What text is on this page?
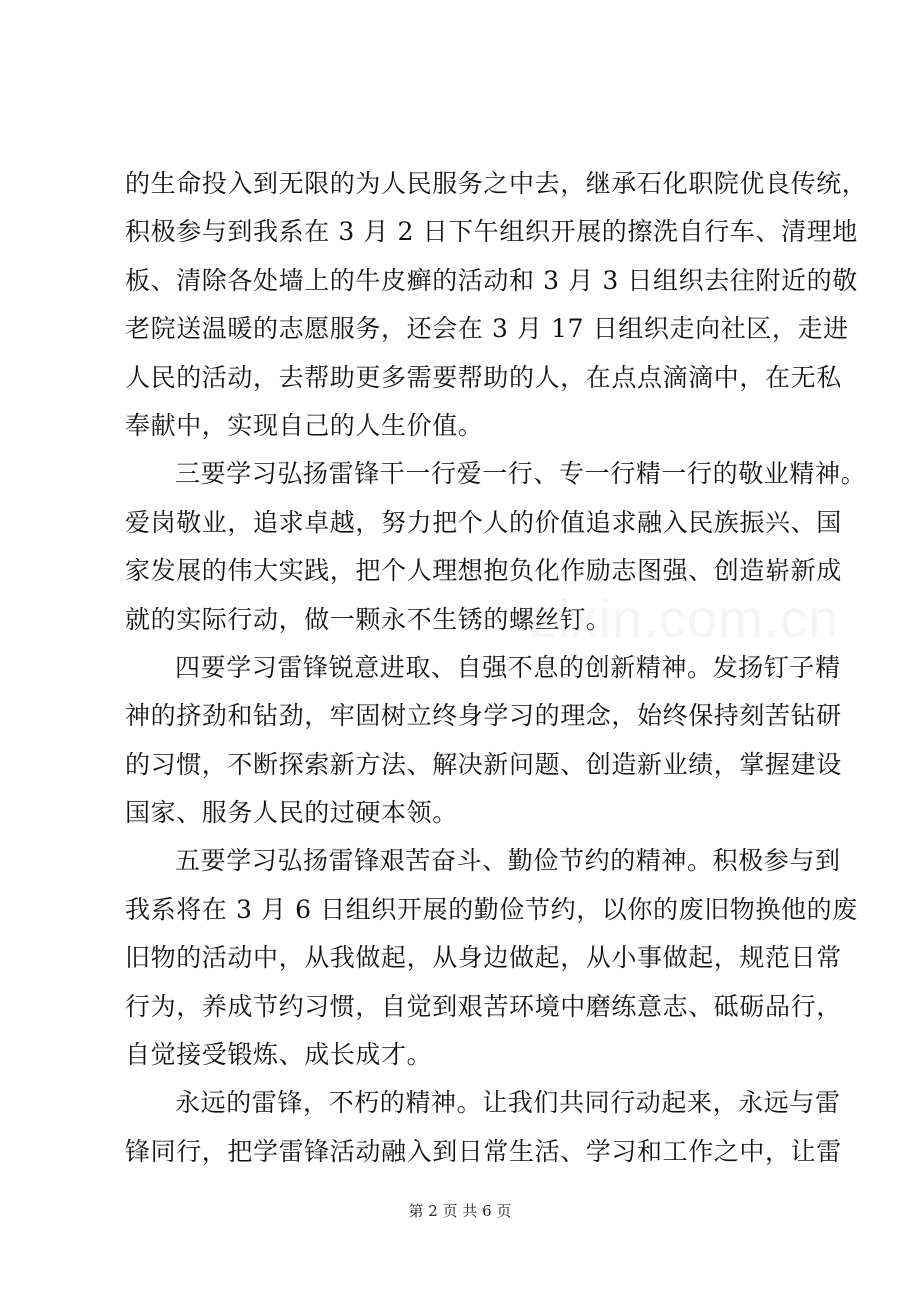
zixin.com.cn
的生命投入到无限的为人民服务之中去，继承石化职院优良传统，
积极参与到我系在 3 月 2 日下午组织开展的擦洗自行车、清理地
板、清除各处墙上的牛皮癣的活动和 3 月 3 日组织去往附近的敬
老院送温暖的志愿服务，还会在 3 月 17 日组织走向社区，走进
人民的活动，去帮助更多需要帮助的人，在点点滴滴中，在无私
奉献中，实现自己的人生价值。
三要学习弘扬雷锋干一行爱一行、专一行精一行的敬业精神。
爱岗敬业，追求卓越，努力把个人的价值追求融入民族振兴、国
家发展的伟大实践，把个人理想抱负化作励志图强、创造崭新成
就的实际行动，做一颗永不生锈的螺丝钉。
四要学习雷锋锐意进取、自强不息的创新精神。发扬钉子精
神的挤劲和钻劲，牢固树立终身学习的理念，始终保持刻苦钻研
的习惯，不断探索新方法、解决新问题、创造新业绩，掌握建设
国家、服务人民的过硬本领。
五要学习弘扬雷锋艰苦奋斗、勤俭节约的精神。积极参与到
我系将在 3 月 6 日组织开展的勤俭节约，以你的废旧物换他的废
旧物的活动中，从我做起，从身边做起，从小事做起，规范日常
行为，养成节约习惯，自觉到艰苦环境中磨练意志、砥砺品行，
自觉接受锻炼、成长成才。
永远的雷锋，不朽的精神。让我们共同行动起来，永远与雷
锋同行，把学雷锋活动融入到日常生活、学习和工作之中，让雷
第 2 页 共 6 页
